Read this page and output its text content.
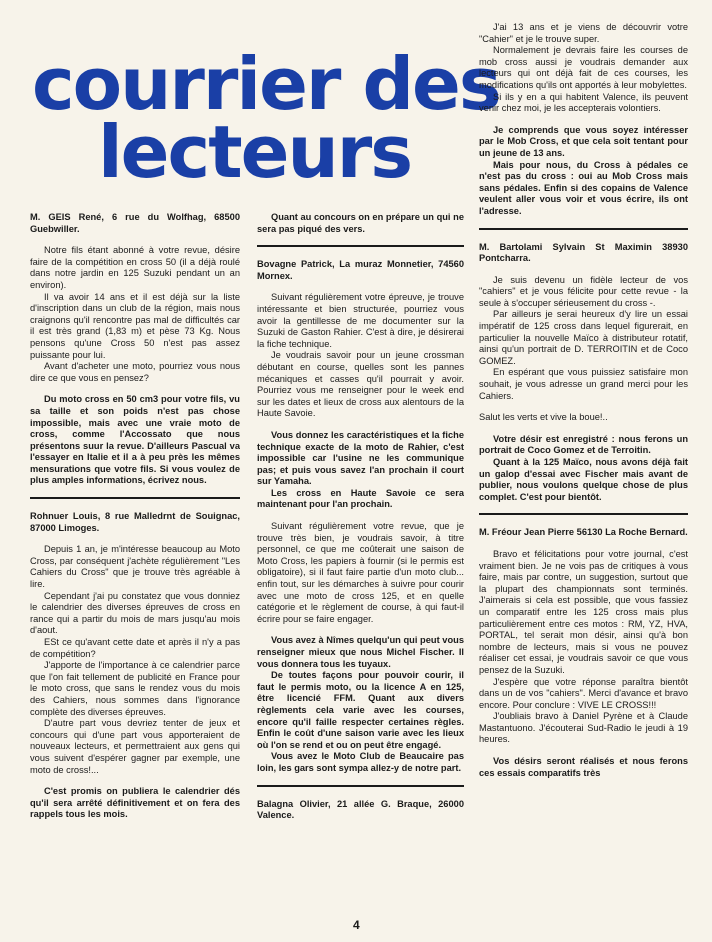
courrier des
lecteurs

M. GEIS René, 6 rue du Wolfhag, 68500 Guebwiller.

Notre fils étant abonné à votre revue, désire faire de la compétition en cross 50 (il a déjà roulé dans notre jardin en 125 Suzuki pendant un an environ).

Il va avoir 14 ans et il est déjà sur la liste d'inscription dans un club de la région, mais nous craignons qu'il rencontre pas mal de difficultés car il est très grand (1,83 m) et pèse 73 Kg. Nous pensons qu'une Cross 50 n'est pas assez puissante pour lui.

Avant d'acheter une moto, pourriez vous nous dire ce que vous en pensez?

Du moto cross en 50 cm3 pour votre fils, vu sa taille et son poids n'est pas chose impossible, mais avec une vraie moto de cross, comme l'Accossato que nous présentons suur la revue. D'ailleurs Pascual va l'essayer en Italie et il a à peu près les mêmes mensurations que votre fils. Si vous voulez de plus amples informations, écrivez nous.

Rohnuer Louis, 8 rue Malledrnt de Souignac, 87000 Limoges.

Depuis 1 an, je m'intéresse beaucoup au Moto Cross, par conséquent j'achète régulièrement "Les Cahiers du Cross" que je trouve très agréable à lire.

Cependant j'ai pu constatez que vous donniez le calendrier des diverses épreuves de cross en rance qui a partir du mois de mars jusqu'au mois d'aout.

ESt ce qu'avant cette date et après il n'y a pas de compétition?

J'apporte de l'importance à ce calendrier parce que l'on fait tellement de publicité en France pour le moto cross, que sans le rendez vous du mois des Cahiers, nous sommes dans l'ignorance complète des diverses épreuves.

D'autre part vous devriez tenter de jeux et concours qui d'une part vous apporteraient de nouveaux lecteurs, et permettraient aux gens qui vous suivent d'espérer gagner par exemple, une moto de cross!...

C'est promis on publiera le calendrier dés qu'il sera arrêté définitivement et on fera des rappels tous les mois.

Quant au concours on en prépare un qui ne sera pas piqué des vers.

Bovagne Patrick, La muraz Monnetier, 74560 Mornex.

Suivant régulièrement votre épreuve, je trouve intéressante et bien structurée, pourriez vous avoir la gentillesse de me documenter sur la Suzuki de Gaston Rahier. C'est à dire, je désirerai la fiche technique.

Je voudrais savoir pour un jeune crossman débutant en course, quelles sont les pannes mécaniques et casses qu'il pourrait y avoir. Pourriez vous me renseigner pour le week end sur les dates et lieux de cross aux alentours de la Haute Savoie.

Vous donnez les caractéristiques et la fiche technique exacte de la moto de Rahier, c'est impossible car l'usine ne les communique pas; et puis vous savez l'an prochain il court sur Yamaha.

Les cross en Haute Savoie ce sera maintenant pour l'an prochain.

Suivant régulièrement votre revue, que je trouve très bien, je voudrais savoir, à titre personnel, ce que me coûterait une saison de Moto Cross, les papiers à fournir (si le permis est obligatoire), si il faut faire partie d'un moto club... enfin tout, sur les démarches à suivre pour courir avec une moto de cross 125, et en quelle catégorie et le règlement de course, à qui faut-il écrire pour se faire engager.

Vous avez à Nîmes quelqu'un qui peut vous renseigner mieux que nous Michel Fischer. Il vous donnera tous les tuyaux.

De toutes façons pour pouvoir courir, il faut le permis moto, ou la licence A en 125, être licencié FFM. Quant aux divers règlements cela varie avec les courses, encore qu'il faille respecter certaines règles. Enfin le coût d'une saison varie avec les lieux où l'on se rend et ou on peut être engagé.

Vous avez le Moto Club de Beaucaire pas loin, les gars sont sympa allez-y de notre part.

Balagna Olivier, 21 allée G. Braque, 26000 Valence.

J'ai 13 ans et je viens de découvrir votre "Cahier" et je le trouve super.

Normalement je devrais faire les courses de mob cross aussi je voudrais demander aux lecteurs qui ont déjà fait de ces courses, les modifications qu'ils ont apportés à leur mobylettes.

Si ils y en a qui habitent Valence, ils peuvent venir chez moi, je les accepterais volontiers.

Je comprends que vous soyez intéresser par le Mob Cross, et que cela soit tentant pour un jeune de 13 ans.

Mais pour nous, du Cross à pédales ce n'est pas du cross : oui au Mob Cross mais sans pédales. Enfin si des copains de Valence veulent aller vous voir et vous écrire, ils ont l'adresse.

M. Bartolami Sylvain St Maximin 38930 Pontcharra.

Je suis devenu un fidèle lecteur de vos "cahiers" et je vous félicite pour cette revue - la seule à s'occuper sérieusement du cross -.

Par ailleurs je serai heureux d'y lire un essai impératif de 125 cross dans lequel figurerait, en particulier la nouvelle Maïco à distributeur rotatif, ainsi qu'un portrait de D. TERROITIN et de Coco GOMEZ.

En espérant que vous puissiez satisfaire mon souhait, je vous adresse un grand merci pour les Cahiers.

Salut les verts et vive la boue!..

Votre désir est enregistré : nous ferons un portrait de Coco Gomez et de Terroitin.

Quant à la 125 Maïco, nous avons déjà fait un galop d'essai avec Fischer mais avant de publier, nous voulons quelque chose de plus complet. C'est pour bientôt.

M. Fréour Jean Pierre 56130 La Roche Bernard.

Bravo et félicitations pour votre journal, c'est vraiment bien. Je ne vois pas de critiques à vous faire, mais par contre, un suggestion, surtout que la plupart des championnats sont terminés. J'aimerais si cela est possible, que vous fassiez un comparatif entre les 125 cross mais plus particulièrement entre ces motos : RM, YZ, HVA, PORTAL, tel serait mon désir, ainsi qu'à bon nombre de lecteurs, mais si vous ne pouvez réaliser cet essai, je voudrais savoir ce que vous pensez de la Suzuki.

J'espère que votre réponse paraîtra bientôt dans un de vos "cahiers". Merci d'avance et bravo encore. Pour conclure : VIVE LE CROSS!!!

J'oubliais bravo à Daniel Pyrène et à Claude Mastantuono. J'écouterai Sud-Radio le jeudi à 19 heures.

Vos désirs seront réalisés et nous ferons ces essais comparatifs très

4
